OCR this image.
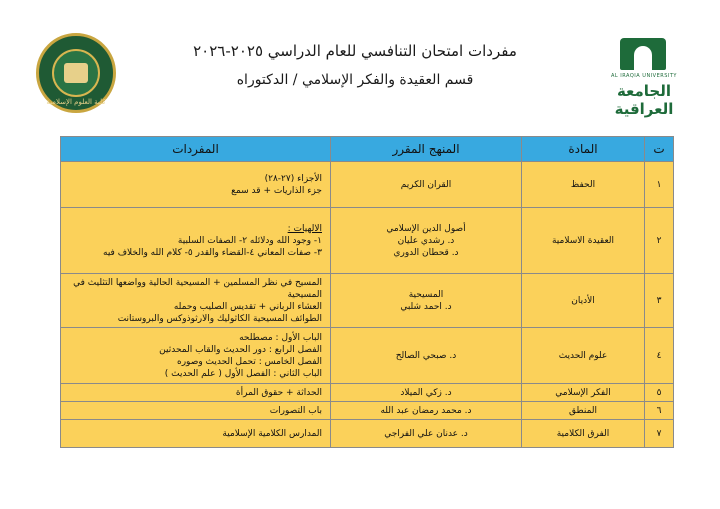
كلية العلوم الإسلامية
مفردات امتحان التنافسي للعام الدراسي ٢٠٢٥-٢٠٢٦
قسم العقيدة والفكر الإسلامي / الدكتوراه	AL IRAQIA UNIVERSITY
الجامعة
العراقية
ت	المادة	المنهج المقرر	المفردات
١	الحفظ	القران الكريم	الأجزاء (٢٧-٢٨)
جزء الذاريات + قد سمع

٢	العقيدة الاسلامية	أصول الدين الإسلامي
د. رشدي عليان
د. قحطان الدوري	الالهيات :
١- وجود الله ودلائله ٢- الصفات السلبية
٣- صفات المعاني ٤-القضاء والقدر ٥- كلام الله والخلاف فيه

٣	الأديان	المسيحية
د. احمد شلبي	المسيح في نظر المسلمين + المسيحية الحالية وواضعها التثليث في المسيحية
العشاء الرباني + تقديس الصليب وحمله
الطوائف المسيحية الكاثوليك والارثوذوكس والبروستانت

٤	علوم الحديث	د. صبحي الصالح	الباب الأول : مصطلحه
الفصل الرابع : دور الحديث والقاب المحدثين
الفصل الخامس : تحمل الحديث وصوره
الباب الثاني : الفصل الأول ( علم الحديث )

٥	الفكر الإسلامي	د. زكي الميلاد	الحداثة + حقوق المرأة

٦	المنطق	د. محمد رمضان عبد الله	باب التصورات

٧	الفرق الكلامية	د. عدنان علي الفراجي	المدارس الكلامية الإسلامية
